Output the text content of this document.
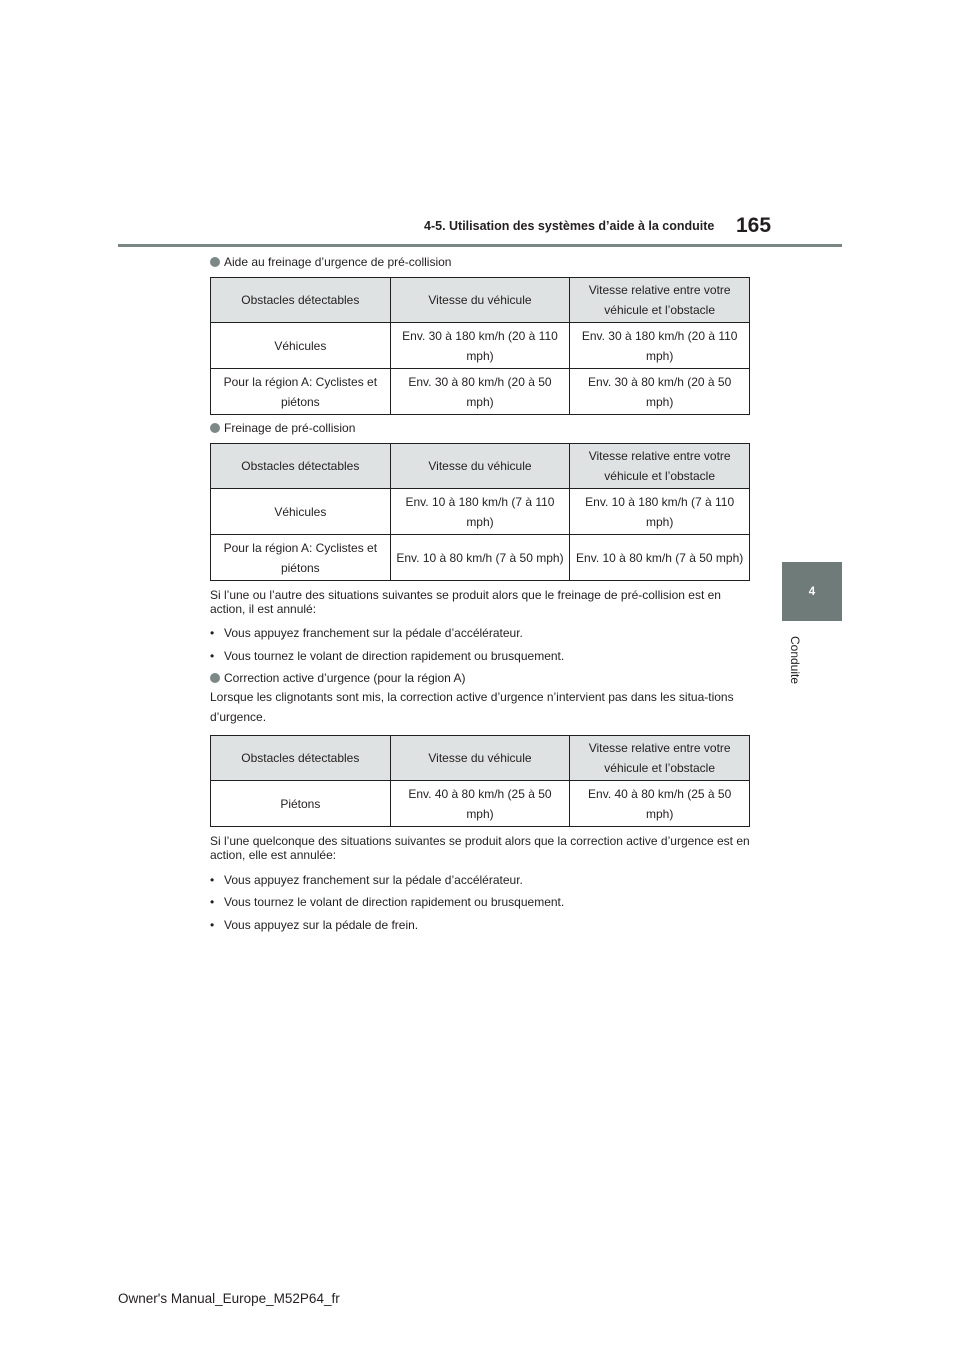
4-5. Utilisation des systèmes d’aide à la conduite 165
4
Conduite
Aide au freinage d’urgence de pré-collision
Obstacles détectables	Vitesse du véhicule	Vitesse relative entre votre véhicule et l’obstacle
Véhicules	Env. 30 à 180 km/h (20 à 110 mph)	Env. 30 à 180 km/h (20 à 110 mph)
Pour la région A: Cyclistes et piétons	Env. 30 à 80 km/h (20 à 50 mph)	Env. 30 à 80 km/h (20 à 50 mph)
Freinage de pré-collision
Obstacles détectables	Vitesse du véhicule	Vitesse relative entre votre véhicule et l’obstacle
Véhicules	Env. 10 à 180 km/h (7 à 110 mph)	Env. 10 à 180 km/h (7 à 110 mph)
Pour la région A: Cyclistes et piétons	Env. 10 à 80 km/h (7 à 50 mph)	Env. 10 à 80 km/h (7 à 50 mph)
Si l’une ou l’autre des situations suivantes se produit alors que le freinage de pré-collision est en action, il est annulé:
• Vous appuyez franchement sur la pédale d’accélérateur.
• Vous tournez le volant de direction rapidement ou brusquement.
Correction active d’urgence (pour la région A)
Lorsque les clignotants sont mis, la correction active d’urgence n’intervient pas dans les situa-tions d’urgence.
Obstacles détectables	Vitesse du véhicule	Vitesse relative entre votre véhicule et l’obstacle
Piétons	Env. 40 à 80 km/h (25 à 50 mph)	Env. 40 à 80 km/h (25 à 50 mph)
Si l’une quelconque des situations suivantes se produit alors que la correction active d’urgence est en action, elle est annulée:
• Vous appuyez franchement sur la pédale d’accélérateur.
• Vous tournez le volant de direction rapidement ou brusquement.
• Vous appuyez sur la pédale de frein.
Owner's Manual_Europe_M52P64_fr
